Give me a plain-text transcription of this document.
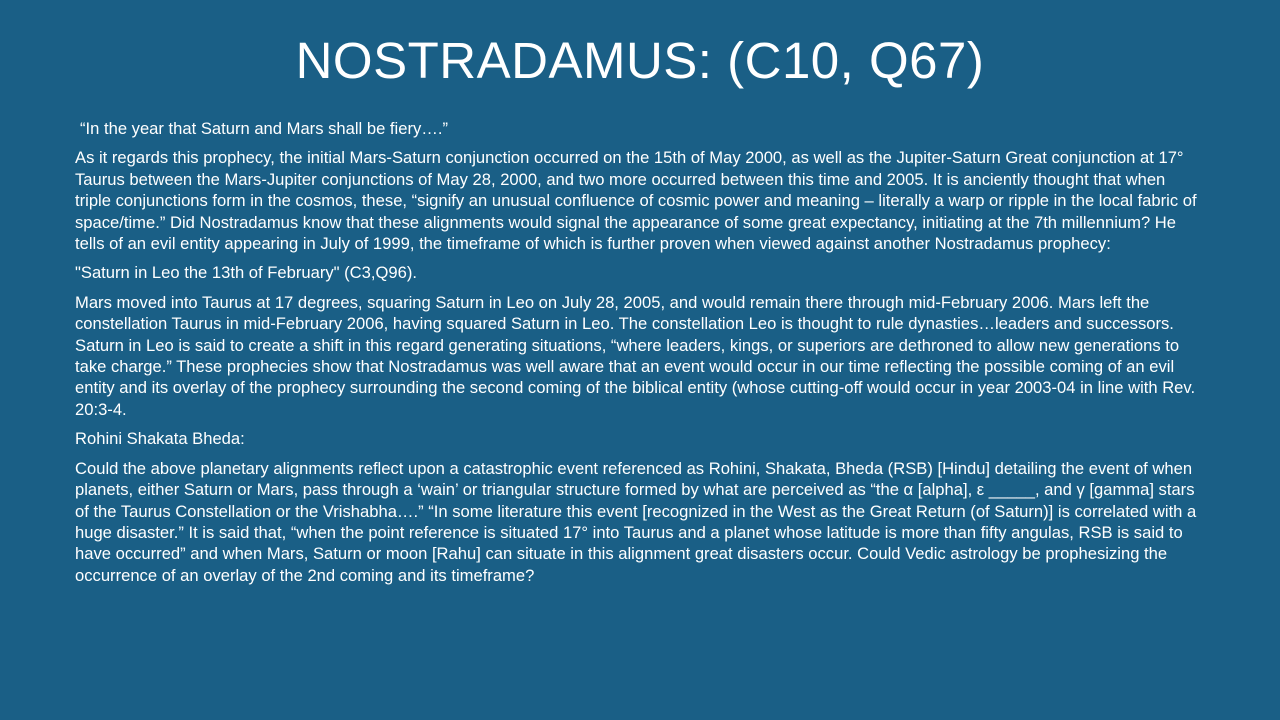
NOSTRADAMUS: (C10, Q67)

“In the year that Saturn and Mars shall be fiery….”

As it regards this prophecy, the initial Mars-Saturn conjunction occurred on the 15th of May 2000, as well as the Jupiter-Saturn Great conjunction at 17° Taurus between the Mars-Jupiter conjunctions of May 28, 2000, and two more occurred between this time and 2005. It is anciently thought that when triple conjunctions form in the cosmos, these, “signify an unusual confluence of cosmic power and meaning – literally a warp or ripple in the local fabric of space/time.” Did Nostradamus know that these alignments would signal the appearance of some great expectancy, initiating at the 7th millennium? He tells of an evil entity appearing in July of 1999, the timeframe of which is further proven when viewed against another Nostradamus prophecy:

"Saturn in Leo the 13th of February" (C3,Q96).

Mars moved into Taurus at 17 degrees, squaring Saturn in Leo on July 28, 2005, and would remain there through mid-February 2006. Mars left the constellation Taurus in mid-February 2006, having squared Saturn in Leo. The constellation Leo is thought to rule dynasties…leaders and successors. Saturn in Leo is said to create a shift in this regard generating situations, “where leaders, kings, or superiors are dethroned to allow new generations to take charge.” These prophecies show that Nostradamus was well aware that an event would occur in our time reflecting the possible coming of an evil entity and its overlay of the prophecy surrounding the second coming of the biblical entity (whose cutting-off would occur in year 2003-04 in line with Rev. 20:3-4.

Rohini Shakata Bheda:

Could the above planetary alignments reflect upon a catastrophic event referenced as Rohini, Shakata, Bheda (RSB) [Hindu] detailing the event of when planets, either Saturn or Mars, pass through a ‘wain’ or triangular structure formed by what are perceived as “the α [alpha], ε _____, and γ [gamma] stars of the Taurus Constellation or the Vrishabha….” “In some literature this event [recognized in the West as the Great Return (of Saturn)] is correlated with a huge disaster.” It is said that, “when the point reference is situated 17° into Taurus and a planet whose latitude is more than fifty angulas, RSB is said to have occurred” and when Mars, Saturn or moon [Rahu] can situate in this alignment great disasters occur. Could Vedic astrology be prophesizing the occurrence of an overlay of the 2nd coming and its timeframe?
